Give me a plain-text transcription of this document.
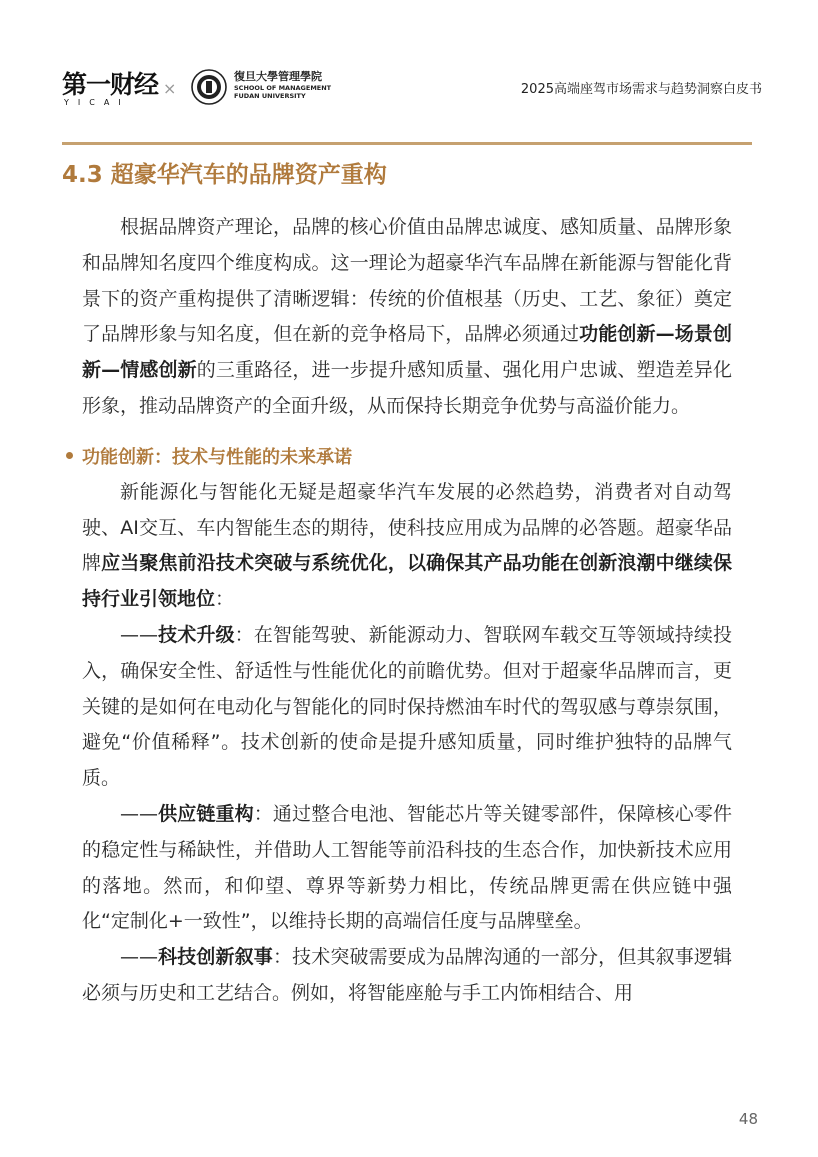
第一财经
YICAI
×
復旦大學管理學院
SCHOOL OF MANAGEMENT
FUDAN UNIVERSITY	2025高端座驾市场需求与趋势洞察白皮书
4.3 超豪华汽车的品牌资产重构

根据品牌资产理论，品牌的核心价值由品牌忠诚度、感知质量、品牌形象和品牌知名度四个维度构成。这一理论为超豪华汽车品牌在新能源与智能化背景下的资产重构提供了清晰逻辑：传统的价值根基（历史、工艺、象征）奠定了品牌形象与知名度，但在新的竞争格局下，品牌必须通过功能创新—场景创新—情感创新的三重路径，进一步提升感知质量、强化用户忠诚、塑造差异化形象，推动品牌资产的全面升级，从而保持长期竞争优势与高溢价能力。

功能创新：技术与性能的未来承诺

新能源化与智能化无疑是超豪华汽车发展的必然趋势，消费者对自动驾驶、AI交互、车内智能生态的期待，使科技应用成为品牌的必答题。超豪华品牌应当聚焦前沿技术突破与系统优化，以确保其产品功能在创新浪潮中继续保持行业引领地位：

——技术升级：在智能驾驶、新能源动力、智联网车载交互等领域持续投入，确保安全性、舒适性与性能优化的前瞻优势。但对于超豪华品牌而言，更关键的是如何在电动化与智能化的同时保持燃油车时代的驾驭感与尊崇氛围，避免“价值稀释”。技术创新的使命是提升感知质量，同时维护独特的品牌气质。

——供应链重构：通过整合电池、智能芯片等关键零部件，保障核心零件的稳定性与稀缺性，并借助人工智能等前沿科技的生态合作，加快新技术应用的落地。然而，和仰望、尊界等新势力相比，传统品牌更需在供应链中强化“定制化+一致性”，以维持长期的高端信任度与品牌壁垒。

——科技创新叙事：技术突破需要成为品牌沟通的一部分，但其叙事逻辑必须与历史和工艺结合。例如，将智能座舱与手工内饰相结合、用

48
